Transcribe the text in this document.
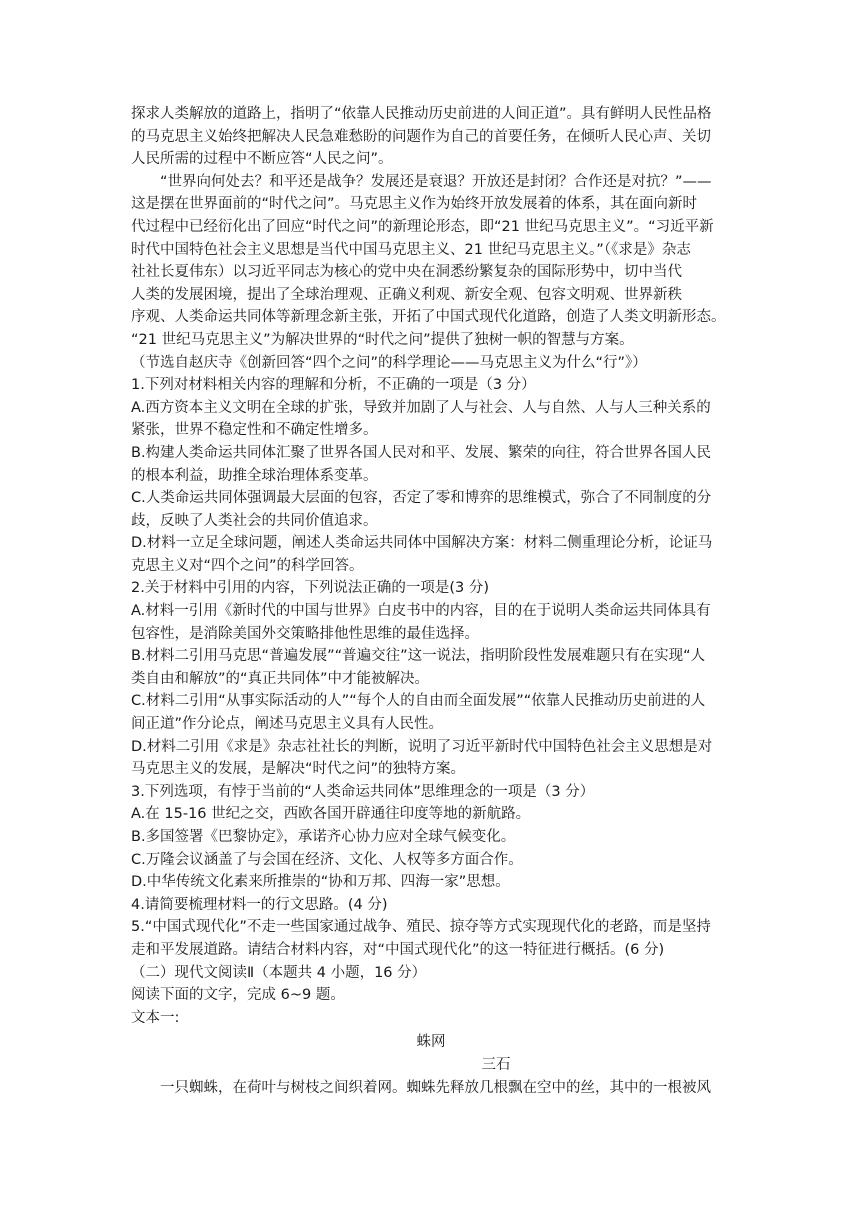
探求人类解放的道路上，指明了“依靠人民推动历史前进的人间正道”。具有鲜明人民性品格
的马克思主义始终把解决人民急难愁盼的问题作为自己的首要任务，在倾听人民心声、关切
人民所需的过程中不断应答“人民之问”。
“世界向何处去？和平还是战争？发展还是衰退？开放还是封闭？合作还是对抗？”——
这是摆在世界面前的“时代之问”。马克思主义作为始终开放发展着的体系，其在面向新时
代过程中已经衍化出了回应“时代之问”的新理论形态，即“21 世纪马克思主义”。“习近平新
时代中国特色社会主义思想是当代中国马克思主义、21 世纪马克思主义。”（《求是》杂志
社社长夏伟东）以习近平同志为核心的党中央在洞悉纷繁复杂的国际形势中，切中当代
人类的发展困境，提出了全球治理观、正确义利观、新安全观、包容文明观、世界新秩
序观、人类命运共同体等新理念新主张，开拓了中国式现代化道路，创造了人类文明新形态。
“21 世纪马克思主义”为解决世界的“时代之问”提供了独树一帜的智慧与方案。
（节选自赵庆寺《创新回答“四个之问”的科学理论——马克思主义为什么“行”》）
1.下列对材料相关内容的理解和分析，不正确的一项是（3 分）
A.西方资本主义文明在全球的扩张，导致并加剧了人与社会、人与自然、人与人三种关系的
紧张，世界不稳定性和不确定性增多。
B.构建人类命运共同体汇聚了世界各国人民对和平、发展、繁荣的向往，符合世界各国人民
的根本利益，助推全球治理体系变革。
C.人类命运共同体强调最大层面的包容，否定了零和博弈的思维模式，弥合了不同制度的分
歧，反映了人类社会的共同价值追求。
D.材料一立足全球问题，阐述人类命运共同体中国解决方案：材料二侧重理论分析，论证马
克思主义对“四个之问”的科学回答。
2.关于材料中引用的内容，下列说法正确的一项是(3 分)
A.材料一引用《新时代的中国与世界》白皮书中的内容，目的在于说明人类命运共同体具有
包容性，是消除美国外交策略排他性思维的最佳选择。
B.材料二引用马克思“普遍发展”“普遍交往”这一说法，指明阶段性发展难题只有在实现“人
类自由和解放”的“真正共同体”中才能被解决。
C.材料二引用“从事实际活动的人”“每个人的自由而全面发展”“依靠人民推动历史前进的人
间正道”作分论点，阐述马克思主义具有人民性。
D.材料二引用《求是》杂志社社长的判断，说明了习近平新时代中国特色社会主义思想是对
马克思主义的发展，是解决“时代之问”的独特方案。
3.下列选项，有悖于当前的“人类命运共同体”思维理念的一项是（3 分）
A.在 15-16 世纪之交，西欧各国开辟通往印度等地的新航路。
B.多国签署《巴黎协定》，承诺齐心协力应对全球气候变化。
C.万隆会议涵盖了与会国在经济、文化、人权等多方面合作。
D.中华传统文化素来所推崇的“协和万邦、四海一家”思想。
4.请简要梳理材料一的行文思路。(4 分)
5.“中国式现代化”不走一些国家通过战争、殖民、掠夺等方式实现现代化的老路，而是坚持
走和平发展道路。请结合材料内容，对“中国式现代化”的这一特征进行概括。(6 分)
（二）现代文阅读Ⅱ（本题共 4 小题，16 分）
阅读下面的文字，完成 6~9 题。
文本一:
蛛网
三石
一只蜘蛛，在荷叶与树枝之间织着网。蜘蛛先释放几根飘在空中的丝，其中的一根被风
